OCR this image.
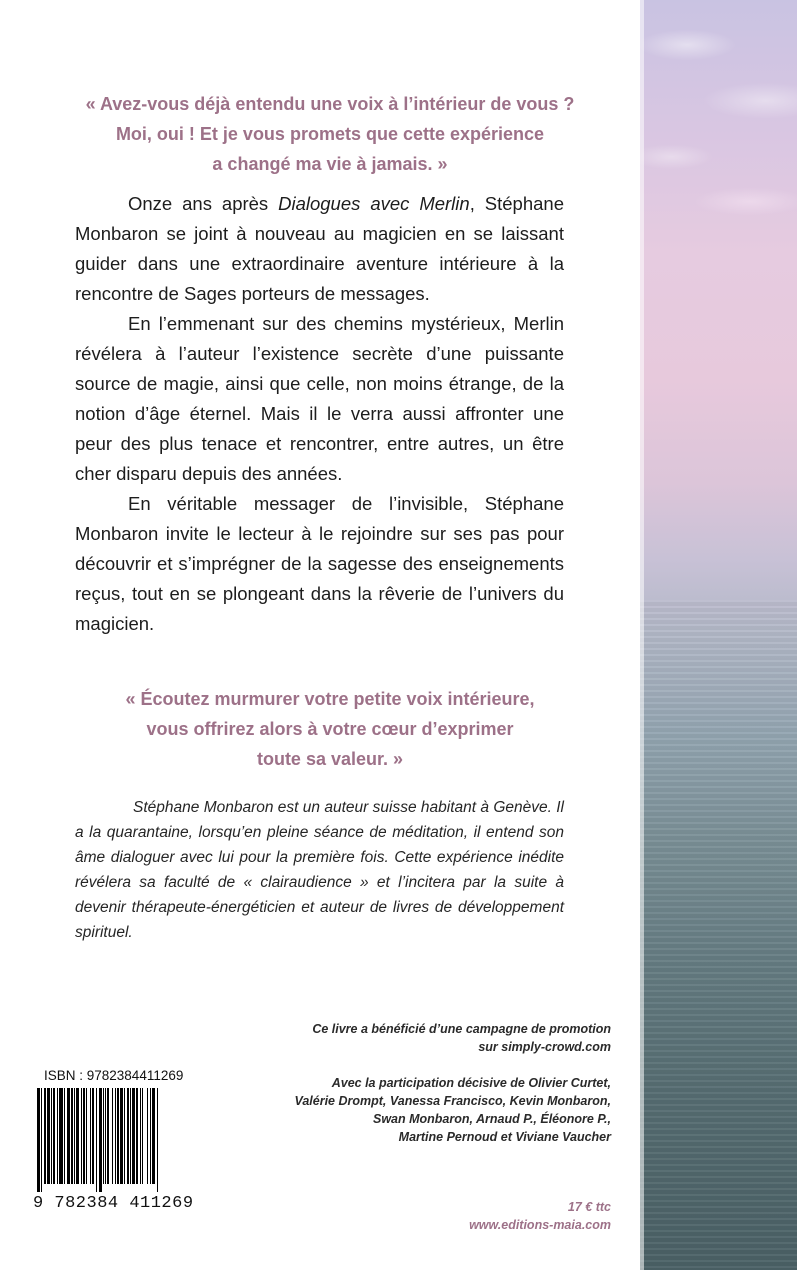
« Avez-vous déjà entendu une voix à l’intérieur de vous ?
Moi, oui ! Et je vous promets que cette expérience
a changé ma vie à jamais. »

Onze ans après Dialogues avec Merlin, Stéphane Monbaron se joint à nouveau au magicien en se laissant guider dans une extraordinaire aventure intérieure à la rencontre de Sages porteurs de messages.

En l’emmenant sur des chemins mystérieux, Merlin révélera à l’auteur l’existence secrète d’une puissante source de magie, ainsi que celle, non moins étrange, de la notion d’âge éternel. Mais il le verra aussi affronter une peur des plus tenace et rencontrer, entre autres, un être cher disparu depuis des années.

En véritable messager de l’invisible, Stéphane Monbaron invite le lecteur à le rejoindre sur ses pas pour découvrir et s’imprégner de la sagesse des enseignements reçus, tout en se plongeant dans la rêverie de l’univers du magicien.

« Écoutez murmurer votre petite voix intérieure,
vous offrirez alors à votre cœur d’exprimer
toute sa valeur. »

Stéphane Monbaron est un auteur suisse habitant à Genève. Il a la quarantaine, lorsqu’en pleine séance de méditation, il entend son âme dialoguer avec lui pour la première fois. Cette expérience inédite révélera sa faculté de « clairaudience » et l’incitera par la suite à devenir thérapeute-énergéticien et auteur de livres de développement spirituel.

Ce livre a bénéficié d’une campagne de promotion

sur simply-crowd.com

Avec la participation décisive de Olivier Curtet,

Valérie Drompt, Vanessa Francisco, Kevin Monbaron,

Swan Monbaron, Arnaud P., Éléonore P.,

Martine Pernoud et Viviane Vaucher

17 € ttc

www.editions-maia.com

ISBN : 9782384411269
9 782384 411269
